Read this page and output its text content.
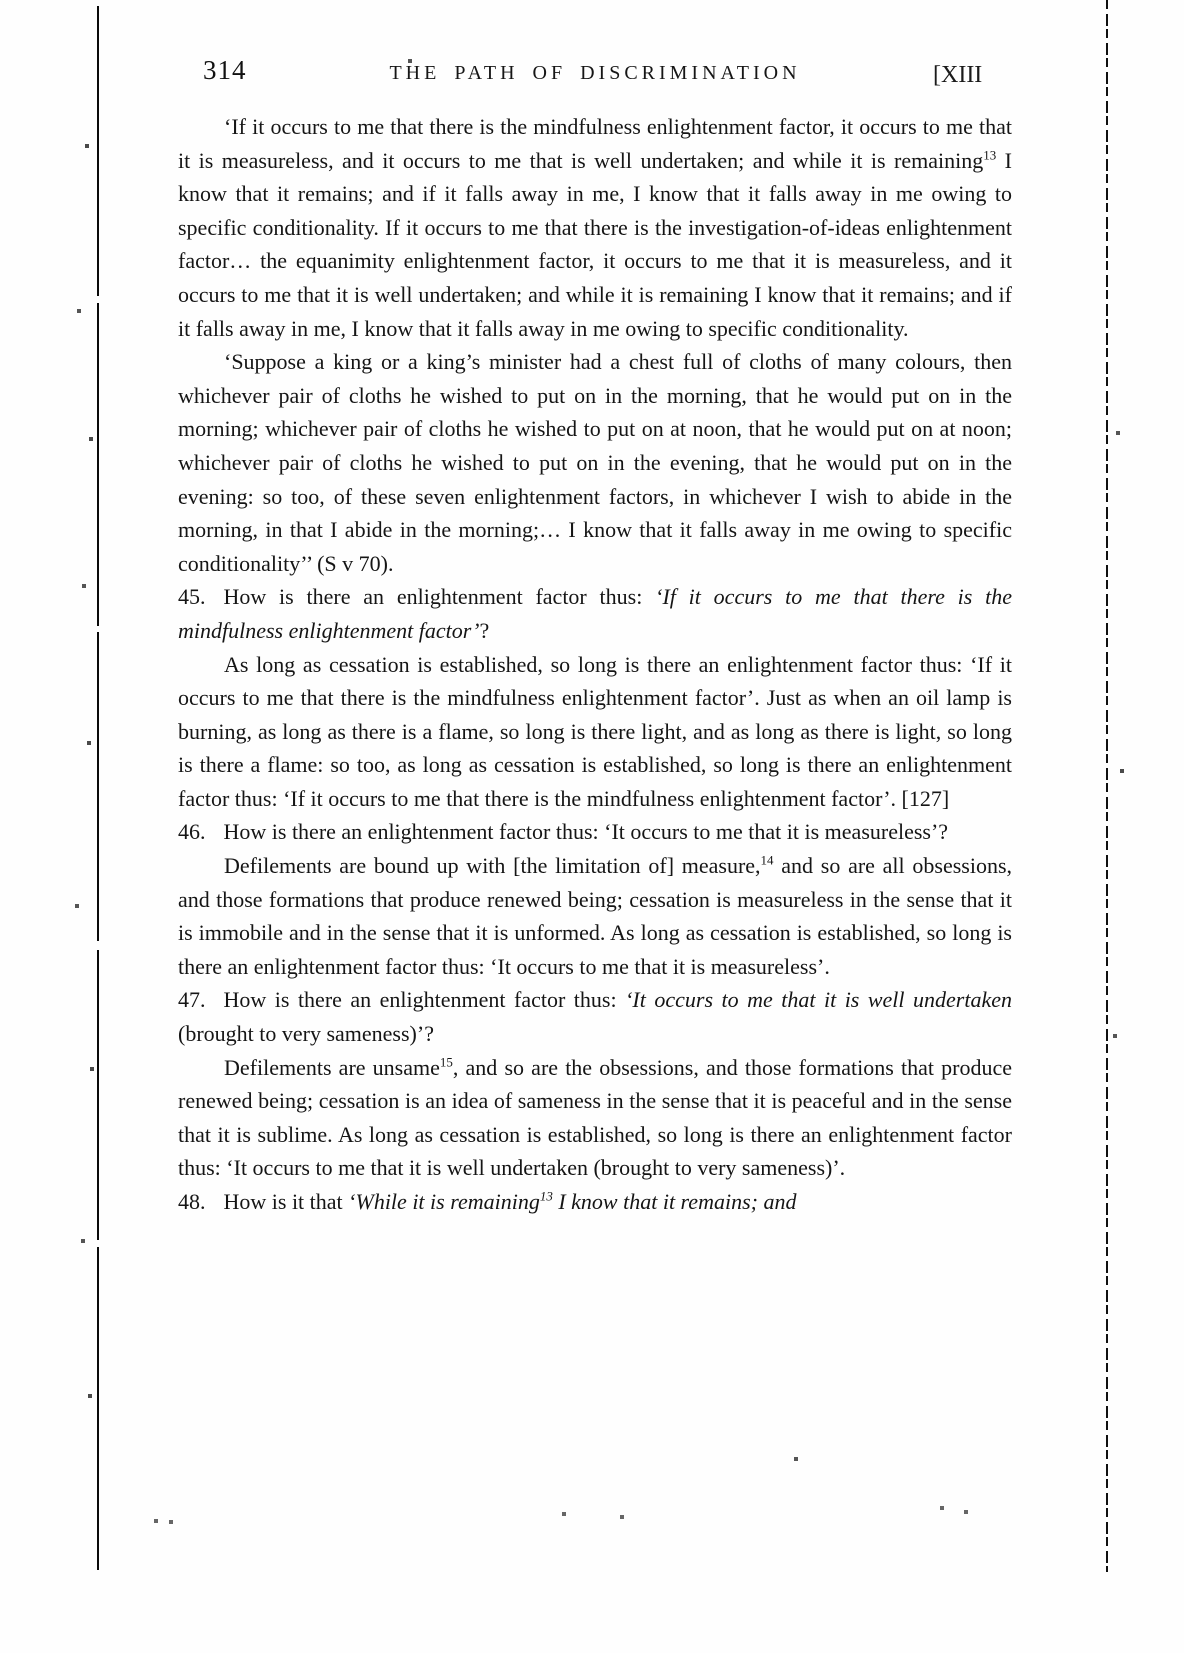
314	THE PATH OF DISCRIMINATION	[XIII

‘If it occurs to me that there is the mindfulness enlightenment factor, it occurs to me that it is measureless, and it occurs to me that is well undertaken; and while it is remaining$^{13}$ I know that it remains; and if it falls away in me, I know that it falls away in me owing to specific conditionality. If it occurs to me that there is the investigation-of-ideas enlightenment factor… the equanimity enlightenment factor, it occurs to me that it is measureless, and it occurs to me that it is well undertaken; and while it is remaining I know that it remains; and if it falls away in me, I know that it falls away in me owing to specific conditionality.

‘Suppose a king or a king’s minister had a chest full of cloths of many colours, then whichever pair of cloths he wished to put on in the morning, that he would put on in the morning; whichever pair of cloths he wished to put on at noon, that he would put on at noon; whichever pair of cloths he wished to put on in the evening, that he would put on in the evening: so too, of these seven enlightenment factors, in whichever I wish to abide in the morning, in that I abide in the morning;… I know that it falls away in me owing to specific conditionality’’ (S v 70).

45. How is there an enlightenment factor thus: ‘If it occurs to me that there is the mindfulness enlightenment factor’?

As long as cessation is established, so long is there an enlightenment factor thus: ‘If it occurs to me that there is the mindfulness enlightenment factor’. Just as when an oil lamp is burning, as long as there is a flame, so long is there light, and as long as there is light, so long is there a flame: so too, as long as cessation is established, so long is there an enlightenment factor thus: ‘If it occurs to me that there is the mindfulness enlightenment factor’. [127]

46. How is there an enlightenment factor thus: ‘It occurs to me that it is measureless’?

Defilements are bound up with [the limitation of] measure,$^{14}$ and so are all obsessions, and those formations that produce renewed being; cessation is measureless in the sense that it is immobile and in the sense that it is unformed. As long as cessation is established, so long is there an enlightenment factor thus: ‘It occurs to me that it is measureless’.

47. How is there an enlightenment factor thus: ‘It occurs to me that it is well undertaken (brought to very sameness)’?

Defilements are unsame$^{15}$, and so are the obsessions, and those formations that produce renewed being; cessation is an idea of sameness in the sense that it is peaceful and in the sense that it is sublime. As long as cessation is established, so long is there an enlightenment factor thus: ‘It occurs to me that it is well undertaken (brought to very sameness)’.

48. How is it that ‘While it is remaining$^{13}$ I know that it remains; and
